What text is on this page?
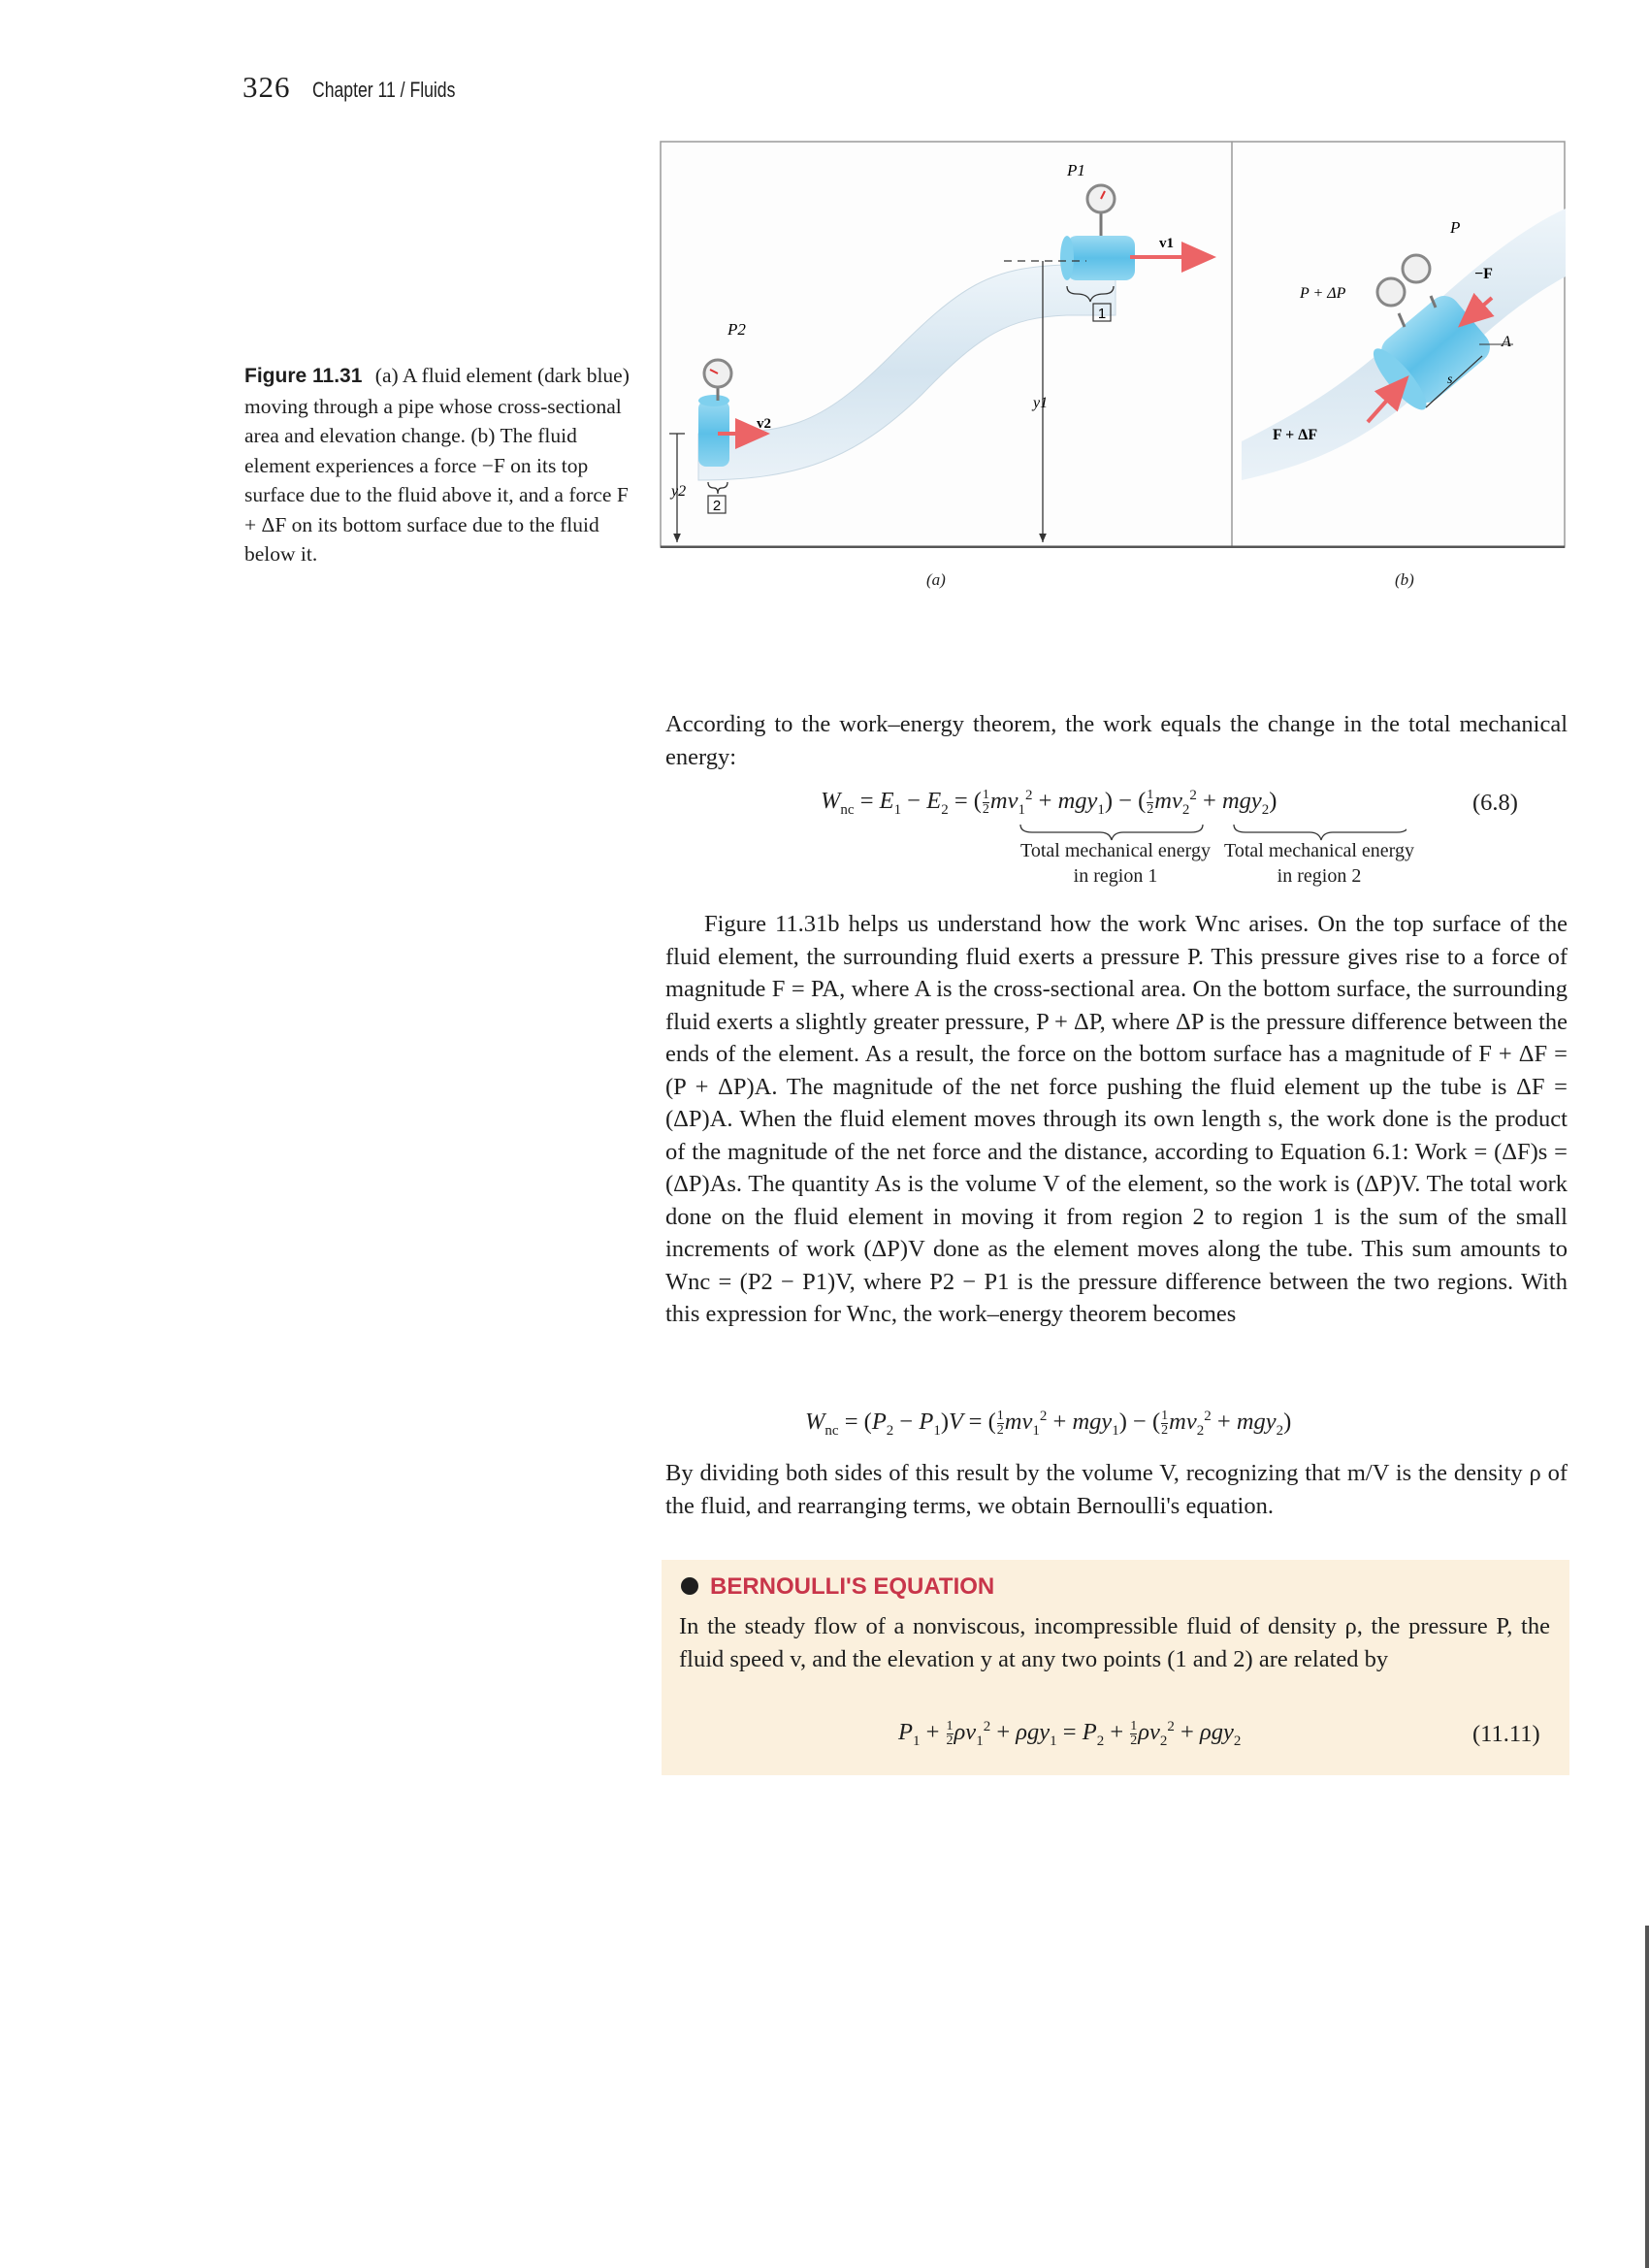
326 Chapter 11 / Fluids
Figure 11.31 (a) A fluid element (dark blue) moving through a pipe whose cross-sectional area and elevation change. (b) The fluid element experiences a force −F on its top surface due to the fluid above it, and a force F + ΔF on its bottom surface due to the fluid below it.
2
1
P2
P1
v2
v1
y2
y1
P
P + ΔP
−F
A
F + ΔF
s
(a)	(b)

According to the work–energy theorem, the work equals the change in the total mechanical energy:

$W_{nc} = E_1 - E_2$ = ( $\frac{1}{2} mv_1^2 + mgy_1$) − ( $\frac{1}{2} mv_2^2 + mgy_2$)	(6.8)
Total mechanical energy in region 1
Total mechanical energy in region 2

Figure 11.31b helps us understand how the work Wnc arises. On the top surface of the fluid element, the surrounding fluid exerts a pressure P. This pressure gives rise to a force of magnitude F = PA, where A is the cross-sectional area. On the bottom surface, the surrounding fluid exerts a slightly greater pressure, P + ΔP, where ΔP is the pressure difference between the ends of the element. As a result, the force on the bottom surface has a magnitude of F + ΔF = (P + ΔP)A. The magnitude of the net force pushing the fluid element up the tube is ΔF = (ΔP)A. When the fluid element moves through its own length s, the work done is the product of the magnitude of the net force and the distance, according to Equation 6.1: Work = (ΔF)s = (ΔP)As. The quantity As is the volume V of the element, so the work is (ΔP)V. The total work done on the fluid element in moving it from region 2 to region 1 is the sum of the small increments of work (ΔP)V done as the element moves along the tube. This sum amounts to Wnc = (P2 − P1)V, where P2 − P1 is the pressure difference between the two regions. With this expression for Wnc, the work–energy theorem becomes

$W_{nc} = (P_2 - P_1)V$ = ( $\frac{1}{2} mv_1^2 + mgy_1$) − ( $\frac{1}{2} mv_2^2 + mgy_2$)

By dividing both sides of this result by the volume V, recognizing that m/V is the density ρ of the fluid, and rearranging terms, we obtain Bernoulli's equation.

BERNOULLI'S EQUATION
In the steady flow of a nonviscous, incompressible fluid of density ρ, the pressure P, the fluid speed v, and the elevation y at any two points (1 and 2) are related by
$P_1 + \frac{1}{2} \rho v_1^2 + \rho gy_1 = P_2 + \frac{1}{2} \rho v_2^2 + \rho gy_2$	(11.11)
